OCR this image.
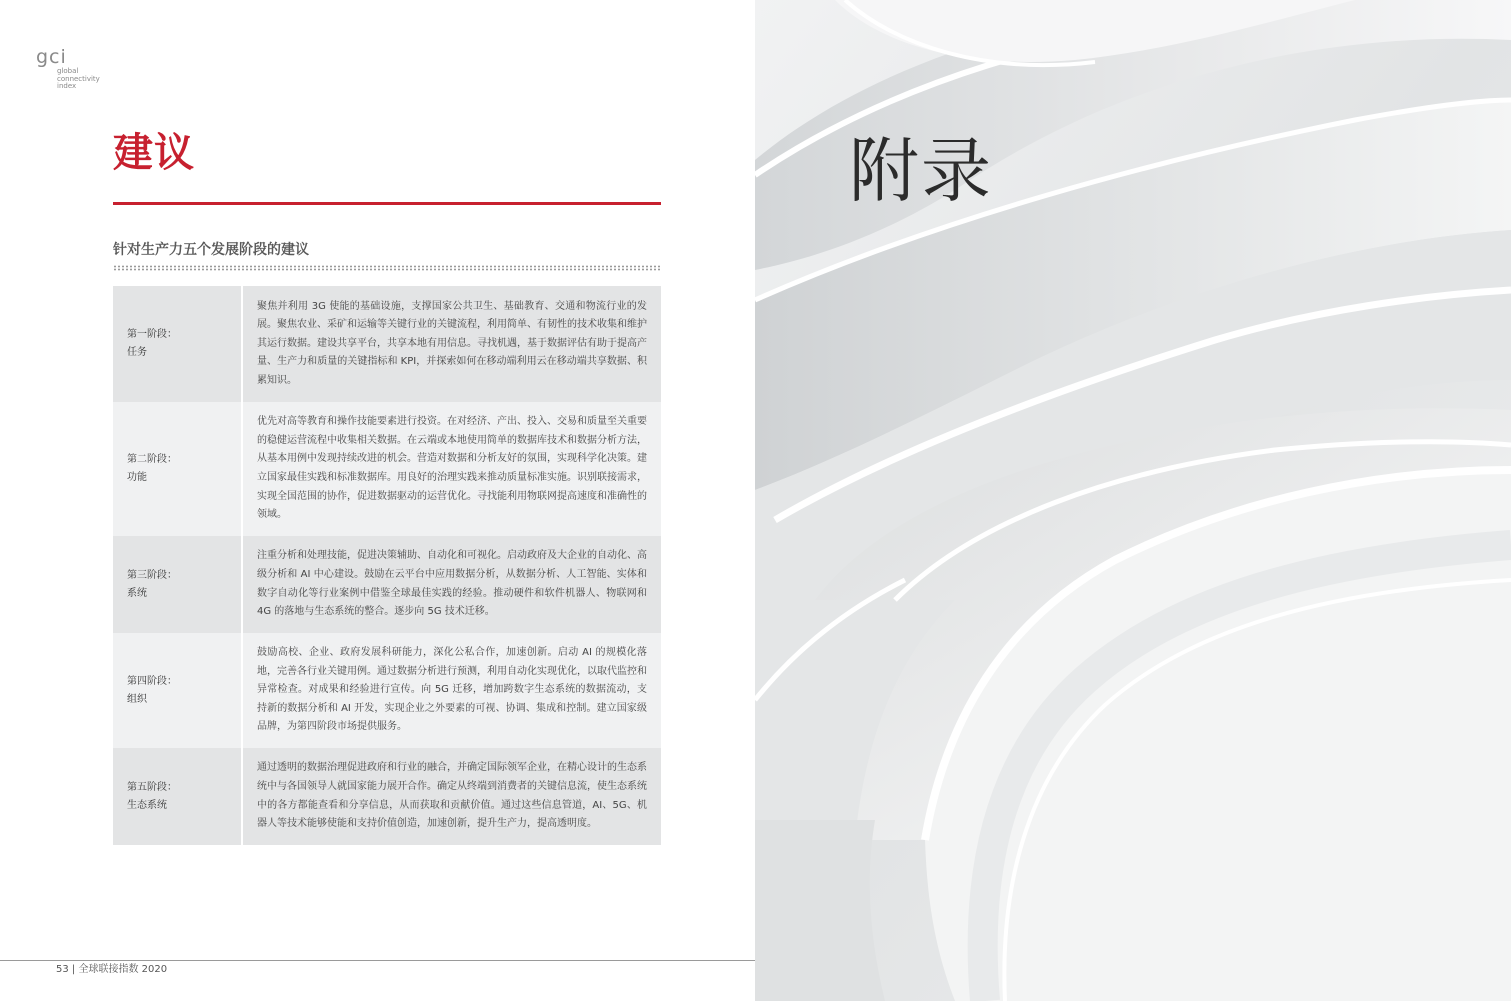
gci
global
connectivity
index
建议
针对生产力五个发展阶段的建议
第一阶段：
任务	聚焦并利用 3G 使能的基础设施，支撑国家公共卫生、基础教育、交通和物流行业的发展。聚焦农业、采矿和运输等关键行业的关键流程，利用简单、有韧性的技术收集和维护其运行数据。建设共享平台，共享本地有用信息。寻找机遇，基于数据评估有助于提高产量、生产力和质量的关键指标和 KPI，并探索如何在移动端利用云在移动端共享数据、积累知识。

第二阶段：
功能	优先对高等教育和操作技能要素进行投资。在对经济、产出、投入、交易和质量至关重要的稳健运营流程中收集相关数据。在云端或本地使用简单的数据库技术和数据分析方法，从基本用例中发现持续改进的机会。营造对数据和分析友好的氛围，实现科学化决策。建立国家最佳实践和标准数据库。用良好的治理实践来推动质量标准实施。识别联接需求，实现全国范围的协作，促进数据驱动的运营优化。寻找能利用物联网提高速度和准确性的领域。

第三阶段：
系统	注重分析和处理技能，促进决策辅助、自动化和可视化。启动政府及大企业的自动化、高级分析和 AI 中心建设。鼓励在云平台中应用数据分析，从数据分析、人工智能、实体和数字自动化等行业案例中借鉴全球最佳实践的经验。推动硬件和软件机器人、物联网和 4G 的落地与生态系统的整合。逐步向 5G 技术迁移。

第四阶段：
组织	鼓励高校、企业、政府发展科研能力，深化公私合作，加速创新。启动 AI 的规模化落地，完善各行业关键用例。通过数据分析进行预测，利用自动化实现优化，以取代监控和异常检查。对成果和经验进行宣传。向 5G 迁移，增加跨数字生态系统的数据流动，支持新的数据分析和 AI 开发，实现企业之外要素的可视、协调、集成和控制。建立国家级品牌，为第四阶段市场提供服务。

第五阶段：
生态系统	通过透明的数据治理促进政府和行业的融合，并确定国际领军企业，在精心设计的生态系统中与各国领导人就国家能力展开合作。确定从终端到消费者的关键信息流，使生态系统中的各方都能查看和分享信息，从而获取和贡献价值。通过这些信息管道，AI、5G、机器人等技术能够使能和支持价值创造，加速创新，提升生产力，提高透明度。
53 | 全球联接指数 2020
附录
